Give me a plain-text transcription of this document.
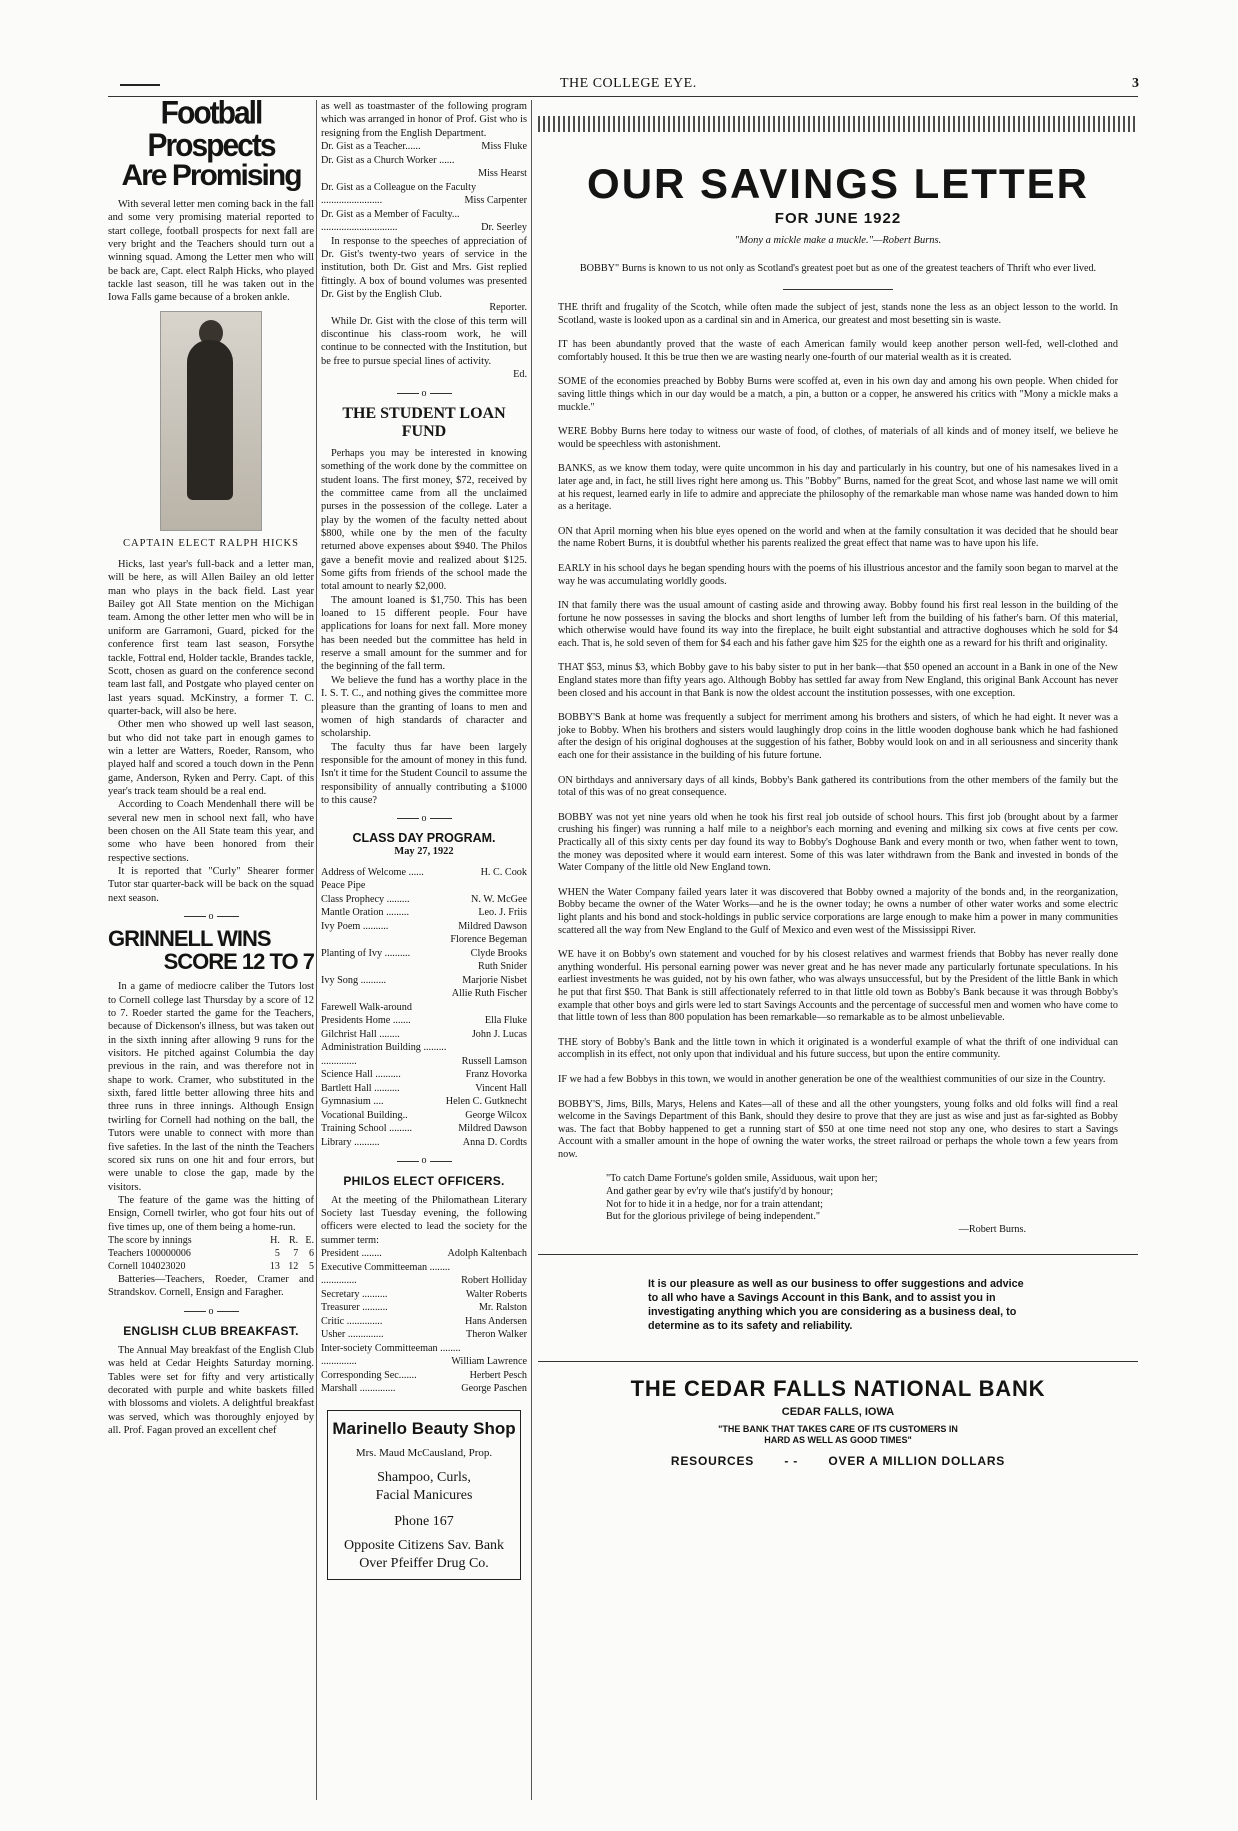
THE COLLEGE EYE.	3
Football Prospects
Are Promising

With several letter men coming back in the fall and some very promising material reported to start college, football prospects for next fall are very bright and the Teachers should turn out a winning squad. Among the Letter men who will be back are, Capt. elect Ralph Hicks, who played tackle last season, till he was taken out in the Iowa Falls game because of a broken ankle.

CAPTAIN ELECT RALPH HICKS

Hicks, last year's full-back and a letter man, will be here, as will Allen Bailey an old letter man who plays in the back field. Last year Bailey got All State mention on the Michigan team. Among the other letter men who will be in uniform are Garramoni, Guard, picked for the conference first team last season, Forsythe tackle, Fottral end, Holder tackle, Brandes tackle, Scott, chosen as guard on the conference second team last fall, and Postgate who played center on last years squad. McKinstry, a former T. C. quarter-back, will also be here.

Other men who showed up well last season, but who did not take part in enough games to win a letter are Watters, Roeder, Ransom, who played half and scored a touch down in the Penn game, Anderson, Ryken and Perry. Capt. of this year's track team should be a real end.

According to Coach Mendenhall there will be several new men in school next fall, who have been chosen on the All State team this year, and some who have been honored from their respective sections.

It is reported that "Curly" Shearer former Tutor star quarter-back will be back on the squad next season.

o
GRINNELL WINS
SCORE 12 TO 7

In a game of mediocre caliber the Tutors lost to Cornell college last Thursday by a score of 12 to 7. Roeder started the game for the Teachers, because of Dickenson's illness, but was taken out in the sixth inning after allowing 9 runs for the visitors. He pitched against Columbia the day previous in the rain, and was therefore not in shape to work. Cramer, who substituted in the sixth, fared little better allowing three hits and three runs in three innings. Although Ensign twirling for Cornell had nothing on the ball, the Tutors were unable to connect with more than five safeties. In the last of the ninth the Teachers scored six runs on one hit and four errors, but were unable to close the gap, made by the visitors.

The feature of the game was the hitting of Ensign, Cornell twirler, who got four hits out of five times up, one of them being a home-run.

The score by innings	H.	R.	E.
Teachers 100000006	5	7	6
Cornell 104023020	13	12	5

Batteries—Teachers, Roeder, Cramer and Strandskov. Cornell, Ensign and Faragher.

o
ENGLISH CLUB BREAKFAST.

The Annual May breakfast of the English Club was held at Cedar Heights Saturday morning. Tables were set for fifty and very artistically decorated with purple and white baskets filled with blossoms and violets. A delightful breakfast was served, which was thoroughly enjoyed by all. Prof. Fagan proved an excellent chef

as well as toastmaster of the following program which was arranged in honor of Prof. Gist who is resigning from the English Department.

Dr. Gist as a Teacher......	Miss Fluke
Dr. Gist as a Church Worker ......
Miss Hearst
Dr. Gist as a Colleague on the Faculty
........................	Miss Carpenter
Dr. Gist as a Member of Faculty...
..............................	Dr. Seerley

In response to the speeches of appreciation of Dr. Gist's twenty-two years of service in the institution, both Dr. Gist and Mrs. Gist replied fittingly. A box of bound volumes was presented Dr. Gist by the English Club.

Reporter.

While Dr. Gist with the close of this term will discontinue his class-room work, he will continue to be connected with the Institution, but be free to pursue special lines of activity.

Ed.
o
THE STUDENT LOAN FUND

Perhaps you may be interested in knowing something of the work done by the committee on student loans. The first money, $72, received by the committee came from all the unclaimed purses in the possession of the college. Later a play by the women of the faculty netted about $800, while one by the men of the faculty returned above expenses about $940. The Philos gave a benefit movie and realized about $125. Some gifts from friends of the school made the total amount to nearly $2,000.

The amount loaned is $1,750. This has been loaned to 15 different people. Four have applications for loans for next fall. More money has been needed but the committee has held in reserve a small amount for the summer and for the beginning of the fall term.

We believe the fund has a worthy place in the I. S. T. C., and nothing gives the committee more pleasure than the granting of loans to men and women of high standards of character and scholarship.

The faculty thus far have been largely responsible for the amount of money in this fund. Isn't it time for the Student Council to assume the responsibility of annually contributing a $1000 to this cause?

o
CLASS DAY PROGRAM.
May 27, 1922
Address of Welcome ......	H. C. Cook
Peace Pipe
Class Prophecy .........	N. W. McGee
Mantle Oration .........	Leo. J. Friis
Ivy Poem ..........	Mildred Dawson
Florence Begeman
Planting of Ivy ..........	Clyde Brooks
Ruth Snider
Ivy Song ..........	Marjorie Nisbet
Allie Ruth Fischer
Farewell Walk-around
Presidents Home .......	Ella Fluke
Gilchrist Hall ........	John J. Lucas
Administration Building .........
..............	Russell Lamson
Science Hall ..........	Franz Hovorka
Bartlett Hall ..........	Vincent Hall
Gymnasium ....	Helen C. Gutknecht
Vocational Building..	George Wilcox
Training School .........	Mildred Dawson
Library ..........	Anna D. Cordts
o
PHILOS ELECT OFFICERS.

At the meeting of the Philomathean Literary Society last Tuesday evening, the following officers were elected to lead the society for the summer term:

President ........	Adolph Kaltenbach
Executive Committeeman ........
..............	Robert Holliday
Secretary ..........	Walter Roberts
Treasurer ..........	Mr. Ralston
Critic ..............	Hans Andersen
Usher ..............	Theron Walker
Inter-society Committeeman ........
..............	William Lawrence
Corresponding Sec.......	Herbert Pesch
Marshall ..............	George Paschen
Marinello Beauty Shop
Mrs. Maud McCausland, Prop.
Shampoo, Curls,
Facial Manicures
Phone 167
Opposite Citizens Sav. Bank
Over Pfeiffer Drug Co.
OUR SAVINGS LETTER
FOR JUNE 1922
"Mony a mickle make a muckle."—Robert Burns.
BOBBY" Burns is known to us not only as Scotland's greatest poet but as one of the greatest teachers of Thrift who ever lived.
THE thrift and frugality of the Scotch, while often made the subject of jest, stands none the less as an object lesson to the world. In Scotland, waste is looked upon as a cardinal sin and in America, our greatest and most besetting sin is waste.
IT has been abundantly proved that the waste of each American family would keep another person well-fed, well-clothed and comfortably housed. It this be true then we are wasting nearly one-fourth of our material wealth as it is created.
SOME of the economies preached by Bobby Burns were scoffed at, even in his own day and among his own people. When chided for saving little things which in our day would be a match, a pin, a button or a copper, he answered his critics with "Mony a mickle maks a muckle."
WERE Bobby Burns here today to witness our waste of food, of clothes, of materials of all kinds and of money itself, we believe he would be speechless with astonishment.
BANKS, as we know them today, were quite uncommon in his day and particularly in his country, but one of his namesakes lived in a later age and, in fact, he still lives right here among us. This "Bobby" Burns, named for the great Scot, and whose last name we will omit at his request, learned early in life to admire and appreciate the philosophy of the remarkable man whose name was handed down to him as a heritage.
ON that April morning when his blue eyes opened on the world and when at the family consultation it was decided that he should bear the name Robert Burns, it is doubtful whether his parents realized the great effect that name was to have upon his life.
EARLY in his school days he began spending hours with the poems of his illustrious ancestor and the family soon began to marvel at the way he was accumulating worldly goods.
IN that family there was the usual amount of casting aside and throwing away. Bobby found his first real lesson in the building of the fortune he now possesses in saving the blocks and short lengths of lumber left from the building of his father's barn. Of this material, which otherwise would have found its way into the fireplace, he built eight substantial and attractive doghouses which he sold for $4 each. That is, he sold seven of them for $4 each and his father gave him $25 for the eighth one as a reward for his thrift and originality.
THAT $53, minus $3, which Bobby gave to his baby sister to put in her bank—that $50 opened an account in a Bank in one of the New England states more than fifty years ago. Although Bobby has settled far away from New England, this original Bank Account has never been closed and his account in that Bank is now the oldest account the institution possesses, with one exception.
BOBBY'S Bank at home was frequently a subject for merriment among his brothers and sisters, of which he had eight. It never was a joke to Bobby. When his brothers and sisters would laughingly drop coins in the little wooden doghouse bank which he had fashioned after the design of his original doghouses at the suggestion of his father, Bobby would look on and in all seriousness and sincerity thank each one for their assistance in the building of his future fortune.
ON birthdays and anniversary days of all kinds, Bobby's Bank gathered its contributions from the other members of the family but the total of this was of no great consequence.
BOBBY was not yet nine years old when he took his first real job outside of school hours. This first job (brought about by a farmer crushing his finger) was running a half mile to a neighbor's each morning and evening and milking six cows at five cents per cow. Practically all of this sixty cents per day found its way to Bobby's Doghouse Bank and every month or two, when father went to town, the money was deposited where it would earn interest. Some of this was later withdrawn from the Bank and invested in bonds of the Water Company of the little old New England town.
WHEN the Water Company failed years later it was discovered that Bobby owned a majority of the bonds and, in the reorganization, Bobby became the owner of the Water Works—and he is the owner today; he owns a number of other water works and some electric light plants and his bond and stock-holdings in public service corporations are large enough to make him a power in many communities scattered all the way from New England to the Gulf of Mexico and even west of the Mississippi River.
WE have it on Bobby's own statement and vouched for by his closest relatives and warmest friends that Bobby has never really done anything wonderful. His personal earning power was never great and he has never made any particularly fortunate speculations. In his earliest investments he was guided, not by his own father, who was always unsuccessful, but by the President of the little Bank in which he put that first $50. That Bank is still affectionately referred to in that little old town as Bobby's Bank because it was through Bobby's example that other boys and girls were led to start Savings Accounts and the percentage of successful men and women who have come to that little town of less than 800 population has been remarkable—so remarkable as to be almost unbelievable.
THE story of Bobby's Bank and the little town in which it originated is a wonderful example of what the thrift of one individual can accomplish in its effect, not only upon that individual and his future success, but upon the entire community.
IF we had a few Bobbys in this town, we would in another generation be one of the wealthiest communities of our size in the Country.
BOBBY'S, Jims, Bills, Marys, Helens and Kates—all of these and all the other youngsters, young folks and old folks will find a real welcome in the Savings Department of this Bank, should they desire to prove that they are just as wise and just as far-sighted as Bobby was. The fact that Bobby happened to get a running start of $50 at one time need not stop any one, who desires to start a Savings Account with a smaller amount in the hope of owning the water works, the street railroad or perhaps the whole town a few years from now.
"To catch Dame Fortune's golden smile, Assiduous, wait upon her;
And gather gear by ev'ry wile that's justify'd by honour;
Not for to hide it in a hedge, nor for a train attendant;
But for the glorious privilege of being independent."
—Robert Burns.
It is our pleasure as well as our business to offer suggestions and advice to all who have a Savings Account in this Bank, and to assist you in investigating anything which you are considering as a business deal, to determine as to its safety and reliability.
THE CEDAR FALLS NATIONAL BANK
CEDAR FALLS, IOWA
"THE BANK THAT TAKES CARE OF ITS CUSTOMERS IN HARD AS WELL AS GOOD TIMES"
RESOURCES	- -	OVER A MILLION DOLLARS
